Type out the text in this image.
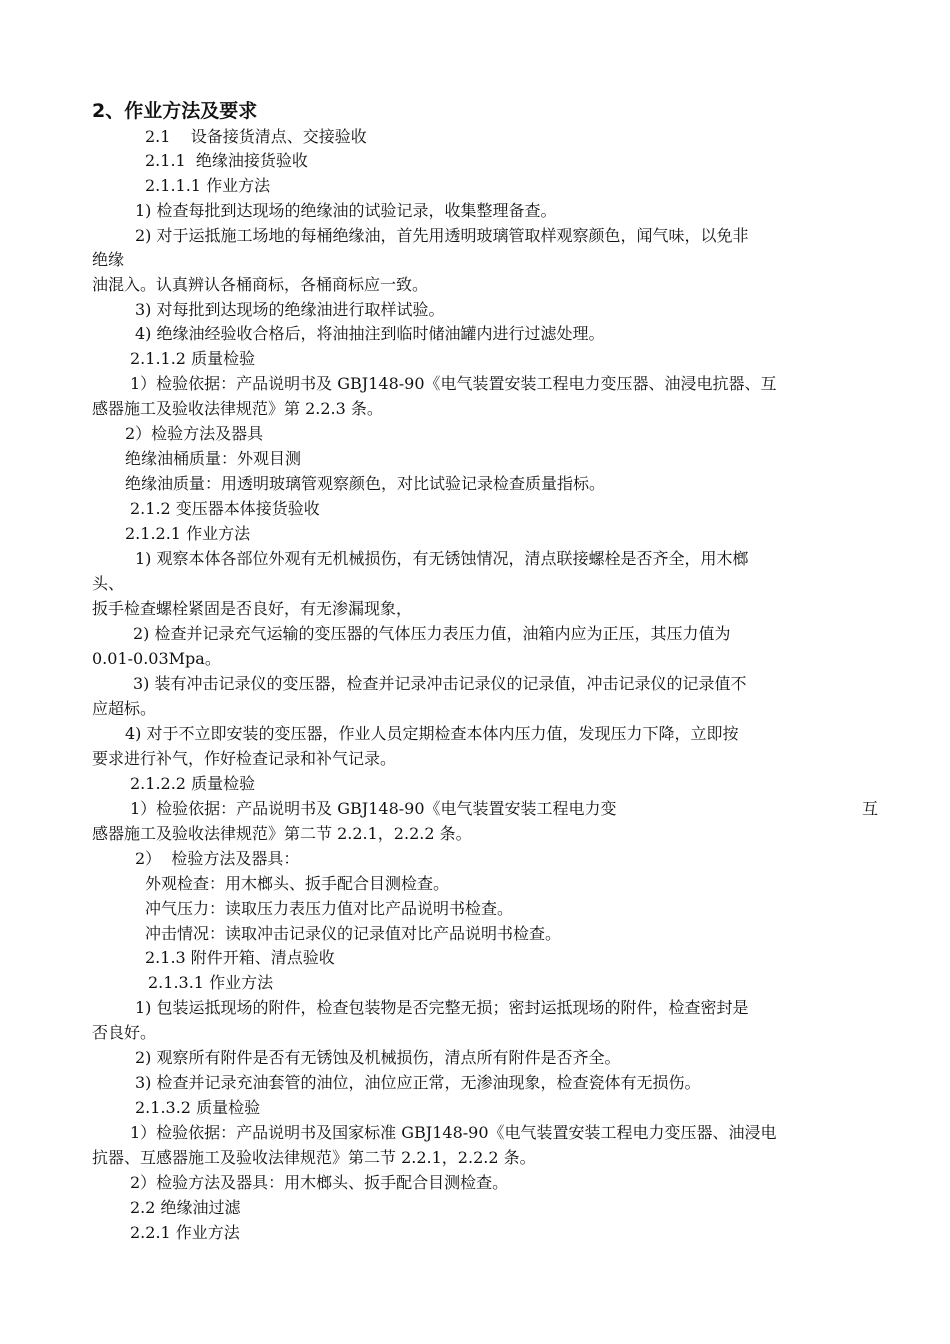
2、作业方法及要求
2.1    设备接货清点、交接验收
2.1.1  绝缘油接货验收
2.1.1.1 作业方法
1) 检查每批到达现场的绝缘油的试验记录，收集整理备查。
2) 对于运抵施工场地的每桶绝缘油，首先用透明玻璃管取样观察颜色，闻气味，以免非
绝缘
油混入。认真辨认各桶商标，各桶商标应一致。
3) 对每批到达现场的绝缘油进行取样试验。
4) 绝缘油经验收合格后，将油抽注到临时储油罐内进行过滤处理。
2.1.1.2 质量检验
1）检验依据：产品说明书及 GBJ148-90《电气装置安装工程电力变压器、油浸电抗器、互
感器施工及验收法律规范》第 2.2.3 条。
2）检验方法及器具
绝缘油桶质量：外观目测
绝缘油质量：用透明玻璃管观察颜色，对比试验记录检查质量指标。
2.1.2 变压器本体接货验收
2.1.2.1 作业方法
1) 观察本体各部位外观有无机械损伤，有无锈蚀情况，清点联接螺栓是否齐全，用木榔
头、
扳手检查螺栓紧固是否良好，有无渗漏现象，
2) 检查并记录充气运输的变压器的气体压力表压力值，油箱内应为正压，其压力值为
0.01-0.03Mpa。
3) 装有冲击记录仪的变压器，检查并记录冲击记录仪的记录值，冲击记录仪的记录值不
应超标。
4) 对于不立即安装的变压器，作业人员定期检查本体内压力值，发现压力下降，立即按
要求进行补气，作好检查记录和补气记录。
2.1.2.2 质量检验
1）检验依据：产品说明书及 GBJ148-90《电气装置安装工程电力变	互
感器施工及验收法律规范》第二节 2.2.1，2.2.2 条。
2）  检验方法及器具：
外观检查：用木榔头、扳手配合目测检查。
冲气压力：读取压力表压力值对比产品说明书检查。
冲击情况：读取冲击记录仪的记录值对比产品说明书检查。
2.1.3 附件开箱、清点验收
2.1.3.1 作业方法
1) 包装运抵现场的附件，检查包装物是否完整无损；密封运抵现场的附件，检查密封是
否良好。
2) 观察所有附件是否有无锈蚀及机械损伤，清点所有附件是否齐全。
3) 检查并记录充油套管的油位，油位应正常，无渗油现象，检查瓷体有无损伤。
2.1.3.2 质量检验
1）检验依据：产品说明书及国家标准 GBJ148-90《电气装置安装工程电力变压器、油浸电
抗器、互感器施工及验收法律规范》第二节 2.2.1，2.2.2 条。
2）检验方法及器具：用木榔头、扳手配合目测检查。
2.2 绝缘油过滤
2.2.1 作业方法
